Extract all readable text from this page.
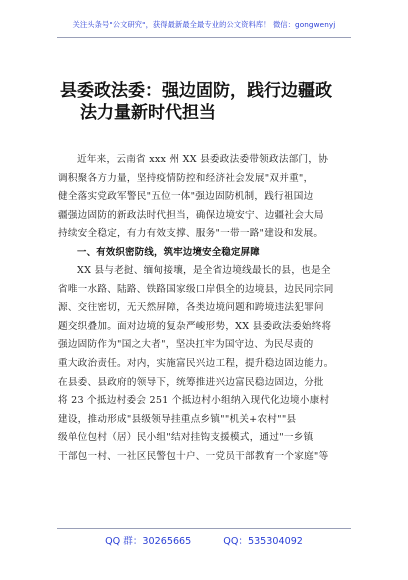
关注头条号"公文研究"，获得最新最全最专业的公文资料库！ 微信：gongwenyj
县委政法委：强边固防，践行边疆政
法力量新时代担当
近年来，云南省 xxx 州 XX 县委政法委带领政法部门，协
调积聚各方力量，坚持疫情防控和经济社会发展"双并重"，
健全落实党政军警民"五位一体"强边固防机制，践行祖国边
疆强边固防的新政法时代担当，确保边境安宁、边疆社会大局
持续安全稳定，有力有效支撑、服务"一带一路"建设和发展。
一、有效织密防线，筑牢边境安全稳定屏障
XX 县与老挝、缅甸接壤，是全省边境线最长的县，也是全
省唯一水路、陆路、铁路国家级口岸俱全的边境县，边民同宗同
源、交往密切，无天然屏障，各类边境问题和跨境违法犯罪问
题交织叠加。面对边境的复杂严峻形势，XX 县委政法委始终将
强边固防作为"国之大者"，坚决扛牢为国守边、为民尽责的
重大政治责任。对内，实施富民兴边工程，提升稳边固边能力。
在县委、县政府的领导下，统筹推进兴边富民稳边固边，分批
将 23 个抵边村委会 251 个抵边村小组纳入现代化边境小康村
建设，推动形成"县级领导挂重点乡镇""机关+农村""县
级单位包村（居）民小组"结对挂钩支援模式，通过"一乡镇
干部包一村、一社区民警包十户、一党员干部教育一个家庭"等
QQ 群：30265665	QQ：535304092
